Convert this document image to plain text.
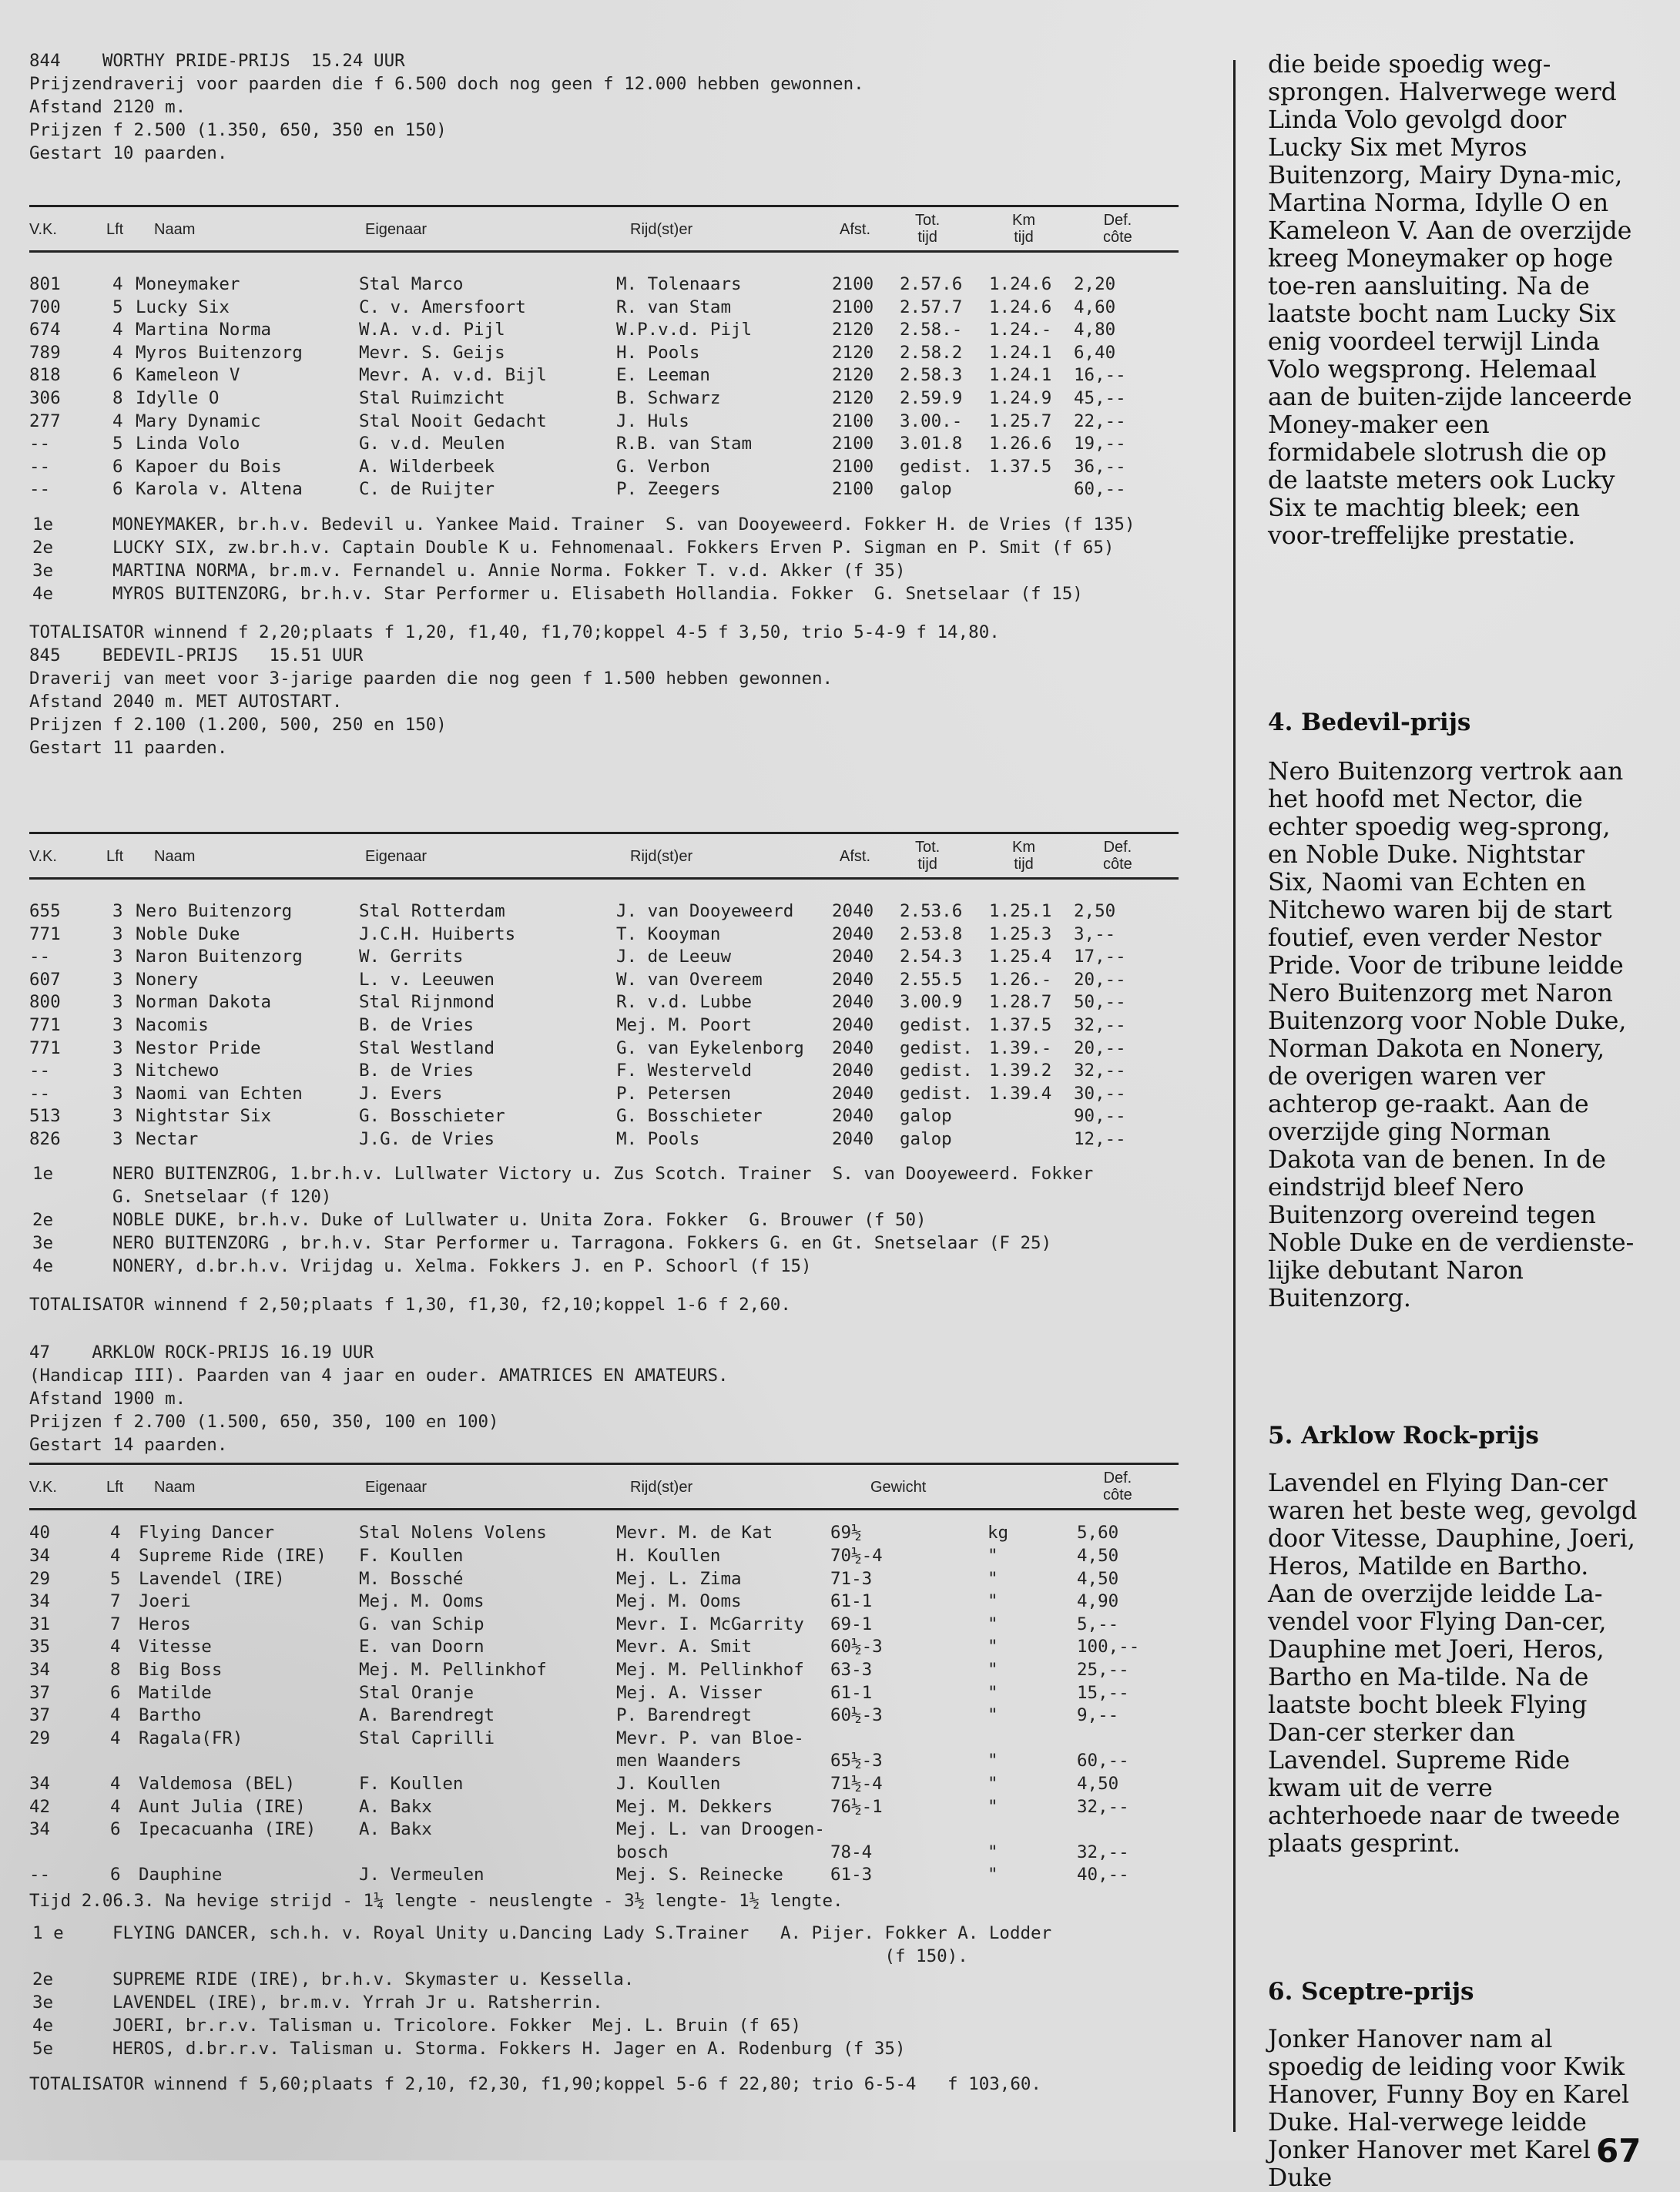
844    WORTHY PRIDE-PRIJS  15.24 UUR
Prijzendraverij voor paarden die f 6.500 doch nog geen f 12.000 hebben gewonnen.
Afstand 2120 m.
Prijzen f 2.500 (1.350, 650, 350 en 150)
Gestart 10 paarden.
V.K.	Lft Naam	Eigenaar	Rijd(st)er	Afst.
Tot.
tijd
Km
tijd
Def.
côte
801	4 Moneymaker	Stal Marco	M. Tolenaars	2100 2.57.6 1.24.6 2,20
700	5 Lucky Six	C. v. Amersfoort	R. van Stam	2100 2.57.7 1.24.6 4,60
674	4 Martina Norma	W.A. v.d. Pijl	W.P.v.d. Pijl	2120 2.58.- 1.24.- 4,80
789	4 Myros Buitenzorg	Mevr. S. Geijs	H. Pools	2120 2.58.2 1.24.1 6,40
818	6 Kameleon V	Mevr. A. v.d. Bijl	E. Leeman	2120 2.58.3 1.24.1 16,--
306	8 Idylle O	Stal Ruimzicht	B. Schwarz	2120 2.59.9 1.24.9 45,--
277	4 Mary Dynamic	Stal Nooit Gedacht	J. Huls	2100 3.00.- 1.25.7 22,--
--	5 Linda Volo	G. v.d. Meulen	R.B. van Stam	2100 3.01.8 1.26.6 19,--
--	6 Kapoer du Bois	A. Wilderbeek	G. Verbon	2100 gedist. 1.37.5 36,--
--	6 Karola v. Altena	C. de Ruijter	P. Zeegers	2100 galop	60,--
1e	MONEYMAKER, br.h.v. Bedevil u. Yankee Maid. Trainer  S. van Dooyeweerd. Fokker H. de Vries (f 135)
2e	LUCKY SIX, zw.br.h.v. Captain Double K u. Fehnomenaal. Fokkers Erven P. Sigman en P. Smit (f 65)
3e	MARTINA NORMA, br.m.v. Fernandel u. Annie Norma. Fokker T. v.d. Akker (f 35)
4e	MYROS BUITENZORG, br.h.v. Star Performer u. Elisabeth Hollandia. Fokker  G. Snetselaar (f 15)
TOTALISATOR winnend f 2,20;plaats f 1,20, f1,40, f1,70;koppel 4-5 f 3,50, trio 5-4-9 f 14,80.
845    BEDEVIL-PRIJS   15.51 UUR
Draverij van meet voor 3-jarige paarden die nog geen f 1.500 hebben gewonnen.
Afstand 2040 m. MET AUTOSTART.
Prijzen f 2.100 (1.200, 500, 250 en 150)
Gestart 11 paarden.
V.K.	Lft Naam	Eigenaar	Rijd(st)er	Afst.
Tot.
tijd
Km
tijd
Def.
côte
655	3 Nero Buitenzorg	Stal Rotterdam	J. van Dooyeweerd 2040 2.53.6 1.25.1 2,50
771	3 Noble Duke	J.C.H. Huiberts	T. Kooyman	2040 2.53.8 1.25.3 3,--
--	3 Naron Buitenzorg	W. Gerrits	J. de Leeuw	2040 2.54.3 1.25.4 17,--
607	3 Nonery	L. v. Leeuwen	W. van Overeem	2040 2.55.5 1.26.- 20,--
800	3 Norman Dakota	Stal Rijnmond	R. v.d. Lubbe	2040 3.00.9 1.28.7 50,--
771	3 Nacomis	B. de Vries	Mej. M. Poort	2040 gedist. 1.37.5 32,--
771	3 Nestor Pride	Stal Westland	G. van Eykelenborg 2040 gedist. 1.39.- 20,--
--	3 Nitchewo	B. de Vries	F. Westerveld	2040 gedist. 1.39.2 32,--
--	3 Naomi van Echten	J. Evers	P. Petersen	2040 gedist. 1.39.4 30,--
513	3 Nightstar Six	G. Bosschieter	G. Bosschieter	2040 galop	90,--
826	3 Nectar	J.G. de Vries	M. Pools	2040 galop	12,--
1e	NERO BUITENZROG, 1.br.h.v. Lullwater Victory u. Zus Scotch. Trainer  S. van Dooyeweerd. Fokker
G. Snetselaar (f 120)
2e	NOBLE DUKE, br.h.v. Duke of Lullwater u. Unita Zora. Fokker  G. Brouwer (f 50)
3e	NERO BUITENZORG , br.h.v. Star Performer u. Tarragona. Fokkers G. en Gt. Snetselaar (F 25)
4e	NONERY, d.br.h.v. Vrijdag u. Xelma. Fokkers J. en P. Schoorl (f 15)
TOTALISATOR winnend f 2,50;plaats f 1,30, f1,30, f2,10;koppel 1-6 f 2,60.
47    ARKLOW ROCK-PRIJS 16.19 UUR
(Handicap III). Paarden van 4 jaar en ouder. AMATRICES EN AMATEURS.
Afstand 1900 m.
Prijzen f 2.700 (1.500, 650, 350, 100 en 100)
Gestart 14 paarden.
V.K.	Lft Naam	Eigenaar	Rijd(st)er	Gewicht
Def.
côte
40	4 Flying Dancer	Stal Nolens Volens	Mevr. M. de Kat	69½	kg	5,60
34	4 Supreme Ride (IRE) F. Koullen	H. Koullen	70½-4	"	4,50
29	5 Lavendel (IRE)	M. Bossché	Mej. L. Zima	71-3	"	4,50
34	7 Joeri	Mej. M. Ooms	Mej. M. Ooms	61-1	"	4,90
31	7 Heros	G. van Schip	Mevr. I. McGarrity 69-1	"	5,--
35	4 Vitesse	E. van Doorn	Mevr. A. Smit	60½-3	"	100,--
34	8 Big Boss	Mej. M. Pellinkhof	Mej. M. Pellinkhof 63-3	"	25,--
37	6 Matilde	Stal Oranje	Mej. A. Visser	61-1	"	15,--
37	4 Bartho	A. Barendregt	P. Barendregt	60½-3	"	9,--
29	4 Ragala(FR)	Stal Caprilli	Mevr. P. van Bloe-
men Waanders	65½-3	"	60,--
34	4 Valdemosa (BEL)	F. Koullen	J. Koullen	71½-4	"	4,50
42	4 Aunt Julia (IRE)	A. Bakx	Mej. M. Dekkers	76½-1	"	32,--
34	6 Ipecacuanha (IRE) A. Bakx	Mej. L. van Droogen-
bosch	78-4	"	32,--
--	6 Dauphine	J. Vermeulen	Mej. S. Reinecke	61-3	"	40,--
Tijd 2.06.3. Na hevige strijd - 1¼ lengte - neuslengte - 3½ lengte- 1½ lengte.
1 e	FLYING DANCER, sch.h. v. Royal Unity u.Dancing Lady S.Trainer   A. Pijer. Fokker A. Lodder
(f 150).
2e	SUPREME RIDE (IRE), br.h.v. Skymaster u. Kessella.
3e	LAVENDEL (IRE), br.m.v. Yrrah Jr u. Ratsherrin.
4e	JOERI, br.r.v. Talisman u. Tricolore. Fokker  Mej. L. Bruin (f 65)
5e	HEROS, d.br.r.v. Talisman u. Storma. Fokkers H. Jager en A. Rodenburg (f 35)
TOTALISATOR winnend f 5,60;plaats f 2,10, f2,30, f1,90;koppel 5-6 f 22,80; trio 6-5-4   f 103,60.

die beide spoedig weg-sprongen. Halverwege werd Linda Volo gevolgd door Lucky Six met Myros Buitenzorg, Mairy Dyna-mic, Martina Norma, Idylle O en Kameleon V. Aan de overzijde kreeg Moneymaker op hoge toe-ren aansluiting. Na de laatste bocht nam Lucky Six enig voordeel terwijl Linda Volo wegsprong. Helemaal aan de buiten-zijde lanceerde Money-maker een formidabele slotrush die op de laatste meters ook Lucky Six te machtig bleek; een voor-treffelijke prestatie.

4. Bedevil-prijs

Nero Buitenzorg vertrok aan het hoofd met Nector, die echter spoedig weg-sprong, en Noble Duke. Nightstar Six, Naomi van Echten en Nitchewo waren bij de start foutief, even verder Nestor Pride. Voor de tribune leidde Nero Buitenzorg met Naron Buitenzorg voor Noble Duke, Norman Dakota en Nonery, de overigen waren ver achterop ge-raakt. Aan de overzijde ging Norman Dakota van de benen. In de eindstrijd bleef Nero Buitenzorg overeind tegen Noble Duke en de verdienste-lijke debutant Naron Buitenzorg.

5. Arklow Rock-prijs

Lavendel en Flying Dan-cer waren het beste weg, gevolgd door Vitesse, Dauphine, Joeri, Heros, Matilde en Bartho. Aan de overzijde leidde La-vendel voor Flying Dan-cer, Dauphine met Joeri, Heros, Bartho en Ma-tilde. Na de laatste bocht bleek Flying Dan-cer sterker dan Lavendel. Supreme Ride kwam uit de verre achterhoede naar de tweede plaats gesprint.

6. Sceptre-prijs

Jonker Hanover nam al spoedig de leiding voor Kwik Hanover, Funny Boy en Karel Duke. Hal-verwege leidde Jonker Hanover met Karel Duke

67
